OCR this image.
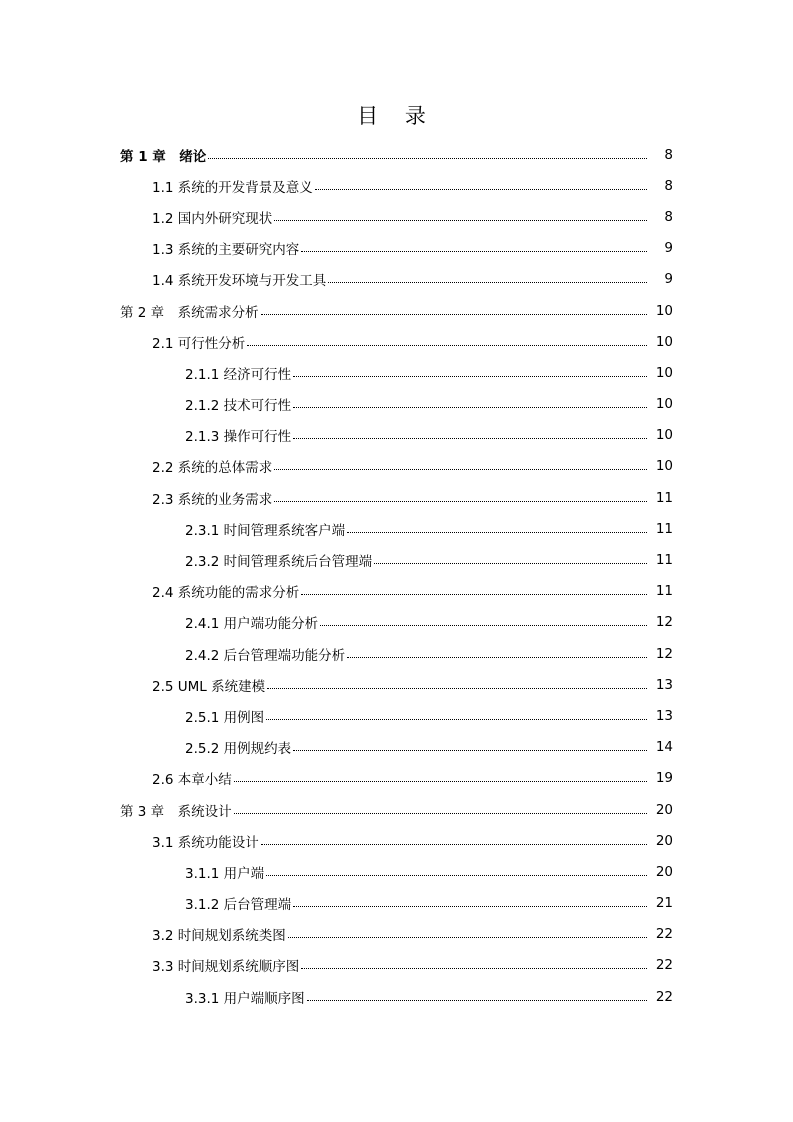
目 录
第 1 章　绪论	8
1.1 系统的开发背景及意义	8
1.2 国内外研究现状	8
1.3 系统的主要研究内容	9
1.4 系统开发环境与开发工具	9
第 2 章　系统需求分析	10
2.1 可行性分析	10
2.1.1 经济可行性	10
2.1.2 技术可行性	10
2.1.3 操作可行性	10
2.2 系统的总体需求	10
2.3 系统的业务需求	11
2.3.1 时间管理系统客户端	11
2.3.2 时间管理系统后台管理端	11
2.4 系统功能的需求分析	11
2.4.1 用户端功能分析	12
2.4.2 后台管理端功能分析	12
2.5 UML 系统建模	13
2.5.1 用例图	13
2.5.2 用例规约表	14
2.6 本章小结	19
第 3 章　系统设计	20
3.1 系统功能设计	20
3.1.1 用户端	20
3.1.2 后台管理端	21
3.2 时间规划系统类图	22
3.3 时间规划系统顺序图	22
3.3.1 用户端顺序图	22
